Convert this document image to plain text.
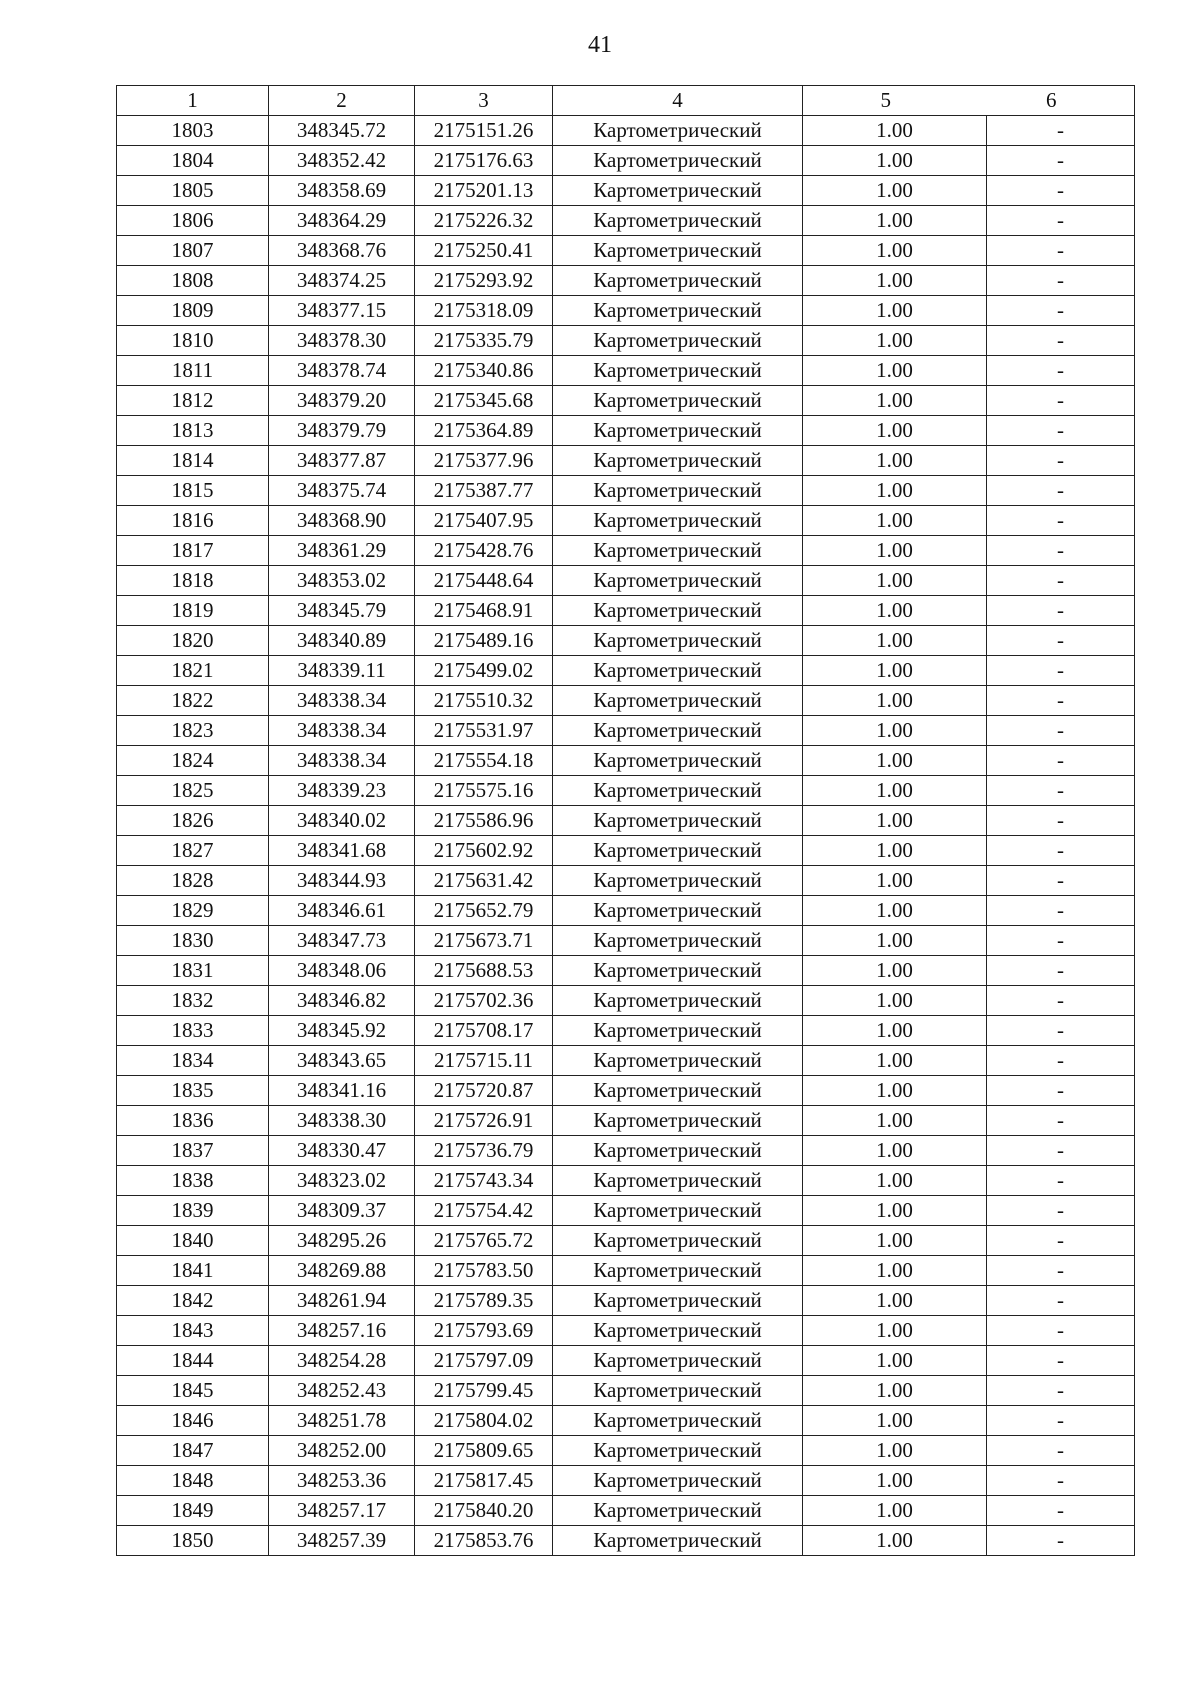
41
1	2	3	4	5 6	

1803	348345.72	2175151.26	Картометрический	1.00	-
1804	348352.42	2175176.63	Картометрический	1.00	-
1805	348358.69	2175201.13	Картометрический	1.00	-
1806	348364.29	2175226.32	Картометрический	1.00	-
1807	348368.76	2175250.41	Картометрический	1.00	-
1808	348374.25	2175293.92	Картометрический	1.00	-
1809	348377.15	2175318.09	Картометрический	1.00	-
1810	348378.30	2175335.79	Картометрический	1.00	-
1811	348378.74	2175340.86	Картометрический	1.00	-
1812	348379.20	2175345.68	Картометрический	1.00	-
1813	348379.79	2175364.89	Картометрический	1.00	-
1814	348377.87	2175377.96	Картометрический	1.00	-
1815	348375.74	2175387.77	Картометрический	1.00	-
1816	348368.90	2175407.95	Картометрический	1.00	-
1817	348361.29	2175428.76	Картометрический	1.00	-
1818	348353.02	2175448.64	Картометрический	1.00	-
1819	348345.79	2175468.91	Картометрический	1.00	-
1820	348340.89	2175489.16	Картометрический	1.00	-
1821	348339.11	2175499.02	Картометрический	1.00	-
1822	348338.34	2175510.32	Картометрический	1.00	-
1823	348338.34	2175531.97	Картометрический	1.00	-
1824	348338.34	2175554.18	Картометрический	1.00	-
1825	348339.23	2175575.16	Картометрический	1.00	-
1826	348340.02	2175586.96	Картометрический	1.00	-
1827	348341.68	2175602.92	Картометрический	1.00	-
1828	348344.93	2175631.42	Картометрический	1.00	-
1829	348346.61	2175652.79	Картометрический	1.00	-
1830	348347.73	2175673.71	Картометрический	1.00	-
1831	348348.06	2175688.53	Картометрический	1.00	-
1832	348346.82	2175702.36	Картометрический	1.00	-
1833	348345.92	2175708.17	Картометрический	1.00	-
1834	348343.65	2175715.11	Картометрический	1.00	-
1835	348341.16	2175720.87	Картометрический	1.00	-
1836	348338.30	2175726.91	Картометрический	1.00	-
1837	348330.47	2175736.79	Картометрический	1.00	-
1838	348323.02	2175743.34	Картометрический	1.00	-
1839	348309.37	2175754.42	Картометрический	1.00	-
1840	348295.26	2175765.72	Картометрический	1.00	-
1841	348269.88	2175783.50	Картометрический	1.00	-
1842	348261.94	2175789.35	Картометрический	1.00	-
1843	348257.16	2175793.69	Картометрический	1.00	-
1844	348254.28	2175797.09	Картометрический	1.00	-
1845	348252.43	2175799.45	Картометрический	1.00	-
1846	348251.78	2175804.02	Картометрический	1.00	-
1847	348252.00	2175809.65	Картометрический	1.00	-
1848	348253.36	2175817.45	Картометрический	1.00	-
1849	348257.17	2175840.20	Картометрический	1.00	-
1850	348257.39	2175853.76	Картометрический	1.00	-
